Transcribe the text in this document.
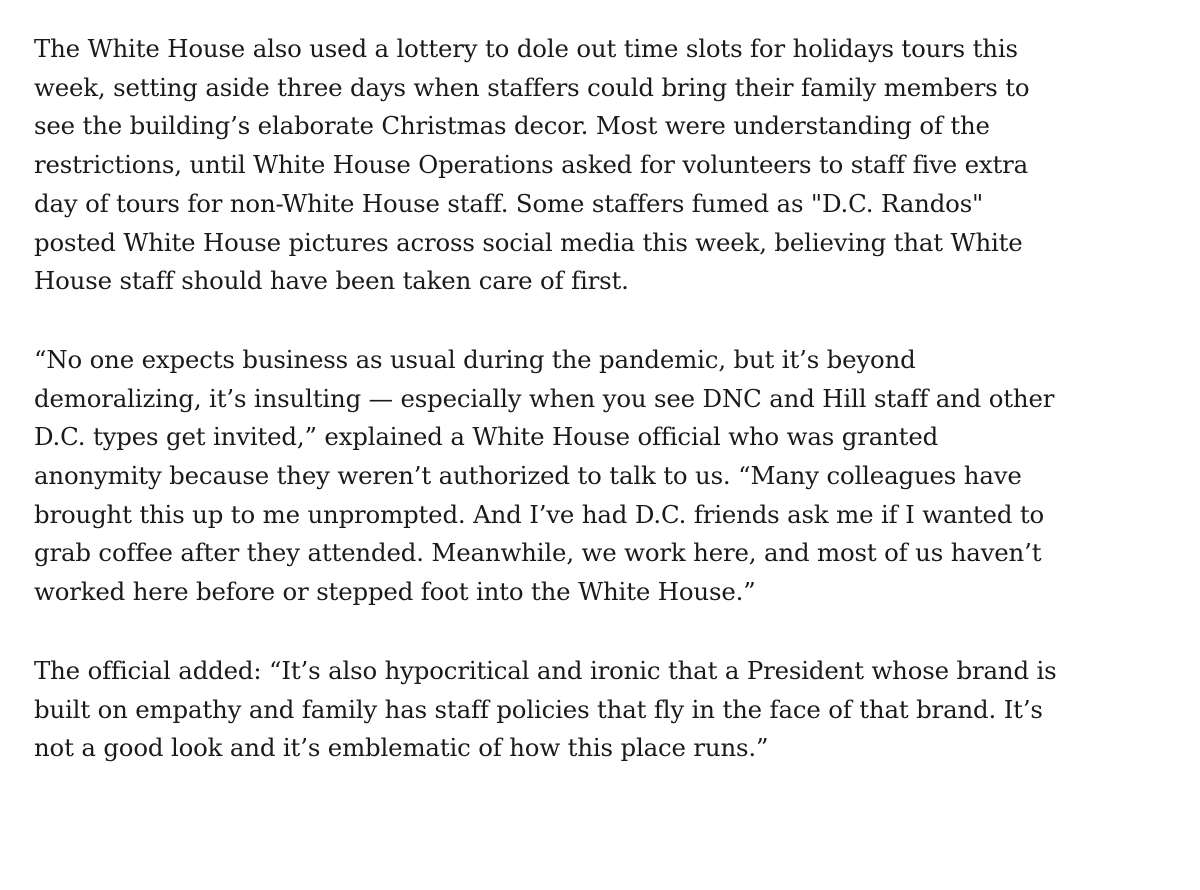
The White House also used a lottery to dole out time slots for holidays tours this
week, setting aside three days when staffers could bring their family members to
see the building’s elaborate Christmas decor. Most were understanding of the
restrictions, until White House Operations asked for volunteers to staff five extra
day of tours for non-White House staff. Some staffers fumed as "D.C. Randos"
posted White House pictures across social media this week, believing that White
House staff should have been taken care of first.

“No one expects business as usual during the pandemic, but it’s beyond
demoralizing, it’s insulting — especially when you see DNC and Hill staff and other
D.C. types get invited,” explained a White House official who was granted
anonymity because they weren’t authorized to talk to us. “Many colleagues have
brought this up to me unprompted. And I’ve had D.C. friends ask me if I wanted to
grab coffee after they attended. Meanwhile, we work here, and most of us haven’t
worked here before or stepped foot into the White House.”

The official added: “It’s also hypocritical and ironic that a President whose brand is
built on empathy and family has staff policies that fly in the face of that brand. It’s
not a good look and it’s emblematic of how this place runs.”
